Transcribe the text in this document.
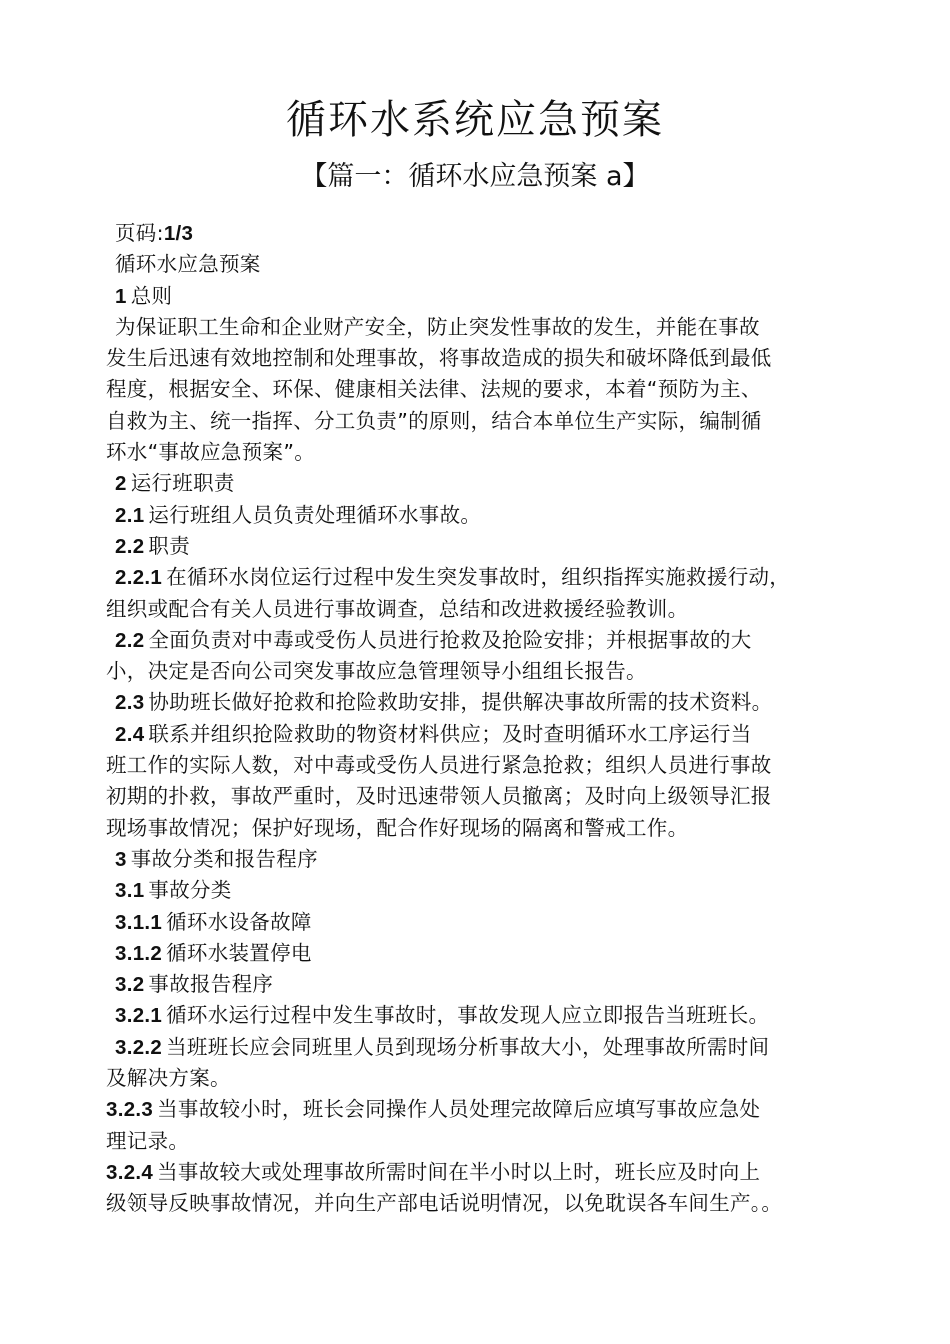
循环水系统应急预案
【篇一：循环水应急预案 a】
页码:1/3
循环水应急预案
1 总则
为保证职工生命和企业财产安全，防止突发性事故的发生，并能在事故
发生后迅速有效地控制和处理事故，将事故造成的损失和破坏降低到最低
程度，根据安全、环保、健康相关法律、法规的要求，本着“预防为主、
自救为主、统一指挥、分工负责”的原则，结合本单位生产实际，编制循
环水“事故应急预案”。
2 运行班职责
2.1 运行班组人员负责处理循环水事故。
2.2 职责
2.2.1 在循环水岗位运行过程中发生突发事故时，组织指挥实施救援行动，
组织或配合有关人员进行事故调查，总结和改进救援经验教训。
2.2 全面负责对中毒或受伤人员进行抢救及抢险安排；并根据事故的大
小，决定是否向公司突发事故应急管理领导小组组长报告。
2.3 协助班长做好抢救和抢险救助安排，提供解决事故所需的技术资料。
2.4 联系并组织抢险救助的物资材料供应；及时查明循环水工序运行当
班工作的实际人数，对中毒或受伤人员进行紧急抢救；组织人员进行事故
初期的扑救，事故严重时，及时迅速带领人员撤离；及时向上级领导汇报
现场事故情况；保护好现场，配合作好现场的隔离和警戒工作。
3 事故分类和报告程序
3.1 事故分类
3.1.1 循环水设备故障
3.1.2 循环水装置停电
3.2 事故报告程序
3.2.1 循环水运行过程中发生事故时，事故发现人应立即报告当班班长。
3.2.2 当班班长应会同班里人员到现场分析事故大小，处理事故所需时间
及解决方案。
3.2.3 当事故较小时，班长会同操作人员处理完故障后应填写事故应急处
理记录。
3.2.4 当事故较大或处理事故所需时间在半小时以上时，班长应及时向上
级领导反映事故情况，并向生产部电话说明情况，以免耽误各车间生产。。
